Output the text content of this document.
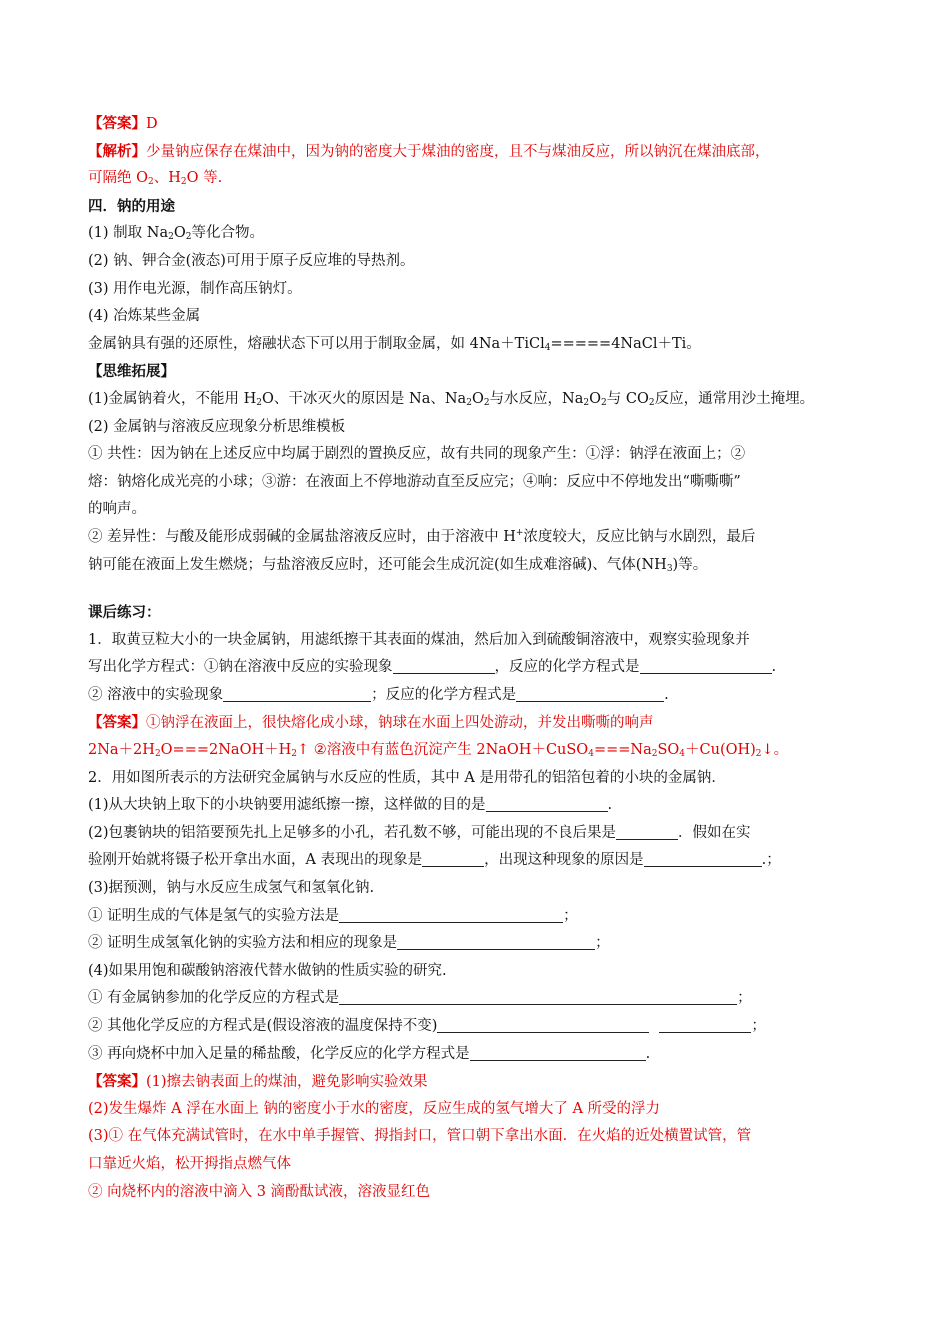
【答案】D
【解析】少量钠应保存在煤油中，因为钠的密度大于煤油的密度，且不与煤油反应，所以钠沉在煤油底部，
可隔绝 $O_2$、$H_2O$ 等.
四．钠的用途
(1) 制取 $Na_2O_2$等化合物。
(2) 钠、钾合金(液态)可用于原子反应堆的导热剂。
(3) 用作电光源，制作高压钠灯。
(4) 冶炼某些金属
金属钠具有强的还原性，熔融状态下可以用于制取金属，如 4Na＋TiCl$_4$=====4NaCl＋Ti。
【思维拓展】
(1)金属钠着火，不能用 $H_2O$、干冰灭火的原因是 Na、$Na_2O_2$与水反应，$Na_2O_2$与 $CO_2$反应，通常用沙土掩埋。
(2) 金属钠与溶液反应现象分析思维模板
① 共性：因为钠在上述反应中均属于剧烈的置换反应，故有共同的现象产生：①浮：钠浮在液面上；②
熔：钠熔化成光亮的小球；③游：在液面上不停地游动直至反应完；④响：反应中不停地发出“嘶嘶嘶”
的响声。
② 差异性：与酸及能形成弱碱的金属盐溶液反应时，由于溶液中 H+浓度较大，反应比钠与水剧烈，最后
钠可能在液面上发生燃烧；与盐溶液反应时，还可能会生成沉淀(如生成难溶碱)、气体$(NH_3)$等。
课后练习：
1．取黄豆粒大小的一块金属钠，用滤纸擦干其表面的煤油，然后加入到硫酸铜溶液中，观察实验现象并
写出化学方程式：①钠在溶液中反应的实验现象	，反应的化学方程式是	.
② 溶液中的实验现象	；反应的化学方程式是	.
【答案】①钠浮在液面上，很快熔化成小球，钠球在水面上四处游动，并发出嘶嘶的响声
$2Na+2H_2O===2NaOH+H_2↑$ ②溶液中有蓝色沉淀产生 $2NaOH+CuSO_4===Na_2SO_4+Cu(OH)_2↓$。
2．用如图所表示的方法研究金属钠与水反应的性质，其中 A 是用带孔的铝箔包着的小块的金属钠．
(1)从大块钠上取下的小块钠要用滤纸擦一擦，这样做的目的是	.
(2)包裹钠块的铝箔要预先扎上足够多的小孔，若孔数不够，可能出现的不良后果是	．假如在实
验刚开始就将镊子松开拿出水面，A 表现出的现象是	，出现这种现象的原因是	.；
(3)据预测，钠与水反应生成氢气和氢氧化钠.
① 证明生成的气体是氢气的实验方法是	；
② 证明生成氢氧化钠的实验方法和相应的现象是	；
(4)如果用饱和碳酸钠溶液代替水做钠的性质实验的研究.
① 有金属钠参加的化学反应的方程式是	；
② 其他化学反应的方程式是(假设溶液的温度保持不变)	；
③ 再向烧杯中加入足量的稀盐酸，化学反应的化学方程式是	.
【答案】(1)擦去钠表面上的煤油，避免影响实验效果
(2)发生爆炸 A 浮在水面上 钠的密度小于水的密度，反应生成的氢气增大了 A 所受的浮力
(3)① 在气体充满试管时，在水中单手握管、拇指封口，管口朝下拿出水面．在火焰的近处横置试管，管
口靠近火焰，松开拇指点燃气体
② 向烧杯内的溶液中滴入 3 滴酚酞试液，溶液显红色
